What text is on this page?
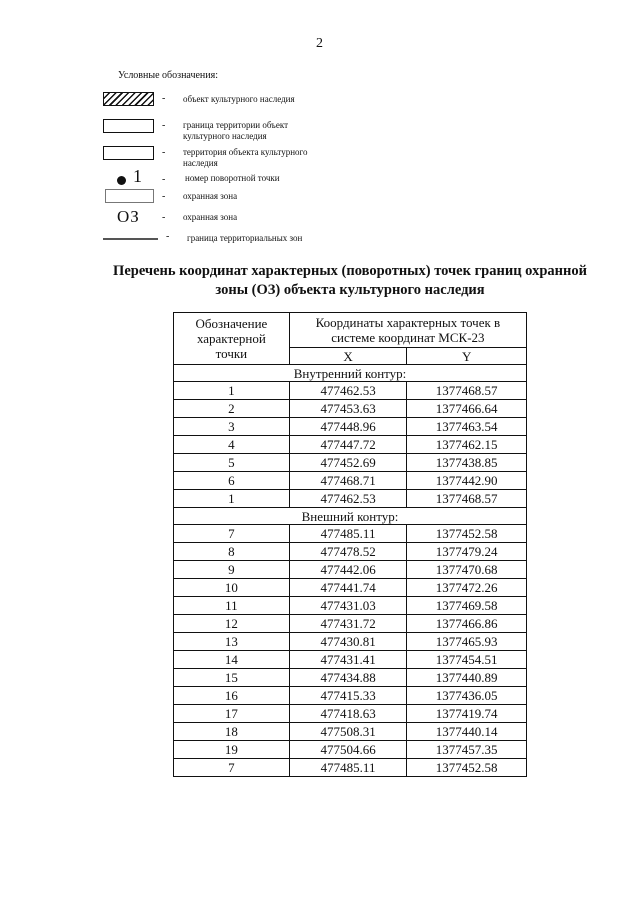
2
Условные обозначения:
- объект культурного наследия
- граница территории объект культурного наследия
- территория объекта культурного наследия
1 - номер поворотной точки
- охранная зона
ОЗ - охранная зона
- граница территориальных зон
Перечень координат характерных (поворотных) точек границ охранной
зоны (ОЗ) объекта культурного наследия
Обозначение характерной точки	Координаты характерных точек в системе координат МСК-23	
	X	Y
Внутренний контур:		
1	477462.53	1377468.57
2	477453.63	1377466.64
3	477448.96	1377463.54
4	477447.72	1377462.15
5	477452.69	1377438.85
6	477468.71	1377442.90
1	477462.53	1377468.57
Внешний контур:		
7	477485.11	1377452.58
8	477478.52	1377479.24
9	477442.06	1377470.68
10	477441.74	1377472.26
11	477431.03	1377469.58
12	477431.72	1377466.86
13	477430.81	1377465.93
14	477431.41	1377454.51
15	477434.88	1377440.89
16	477415.33	1377436.05
17	477418.63	1377419.74
18	477508.31	1377440.14
19	477504.66	1377457.35
7	477485.11	1377452.58
